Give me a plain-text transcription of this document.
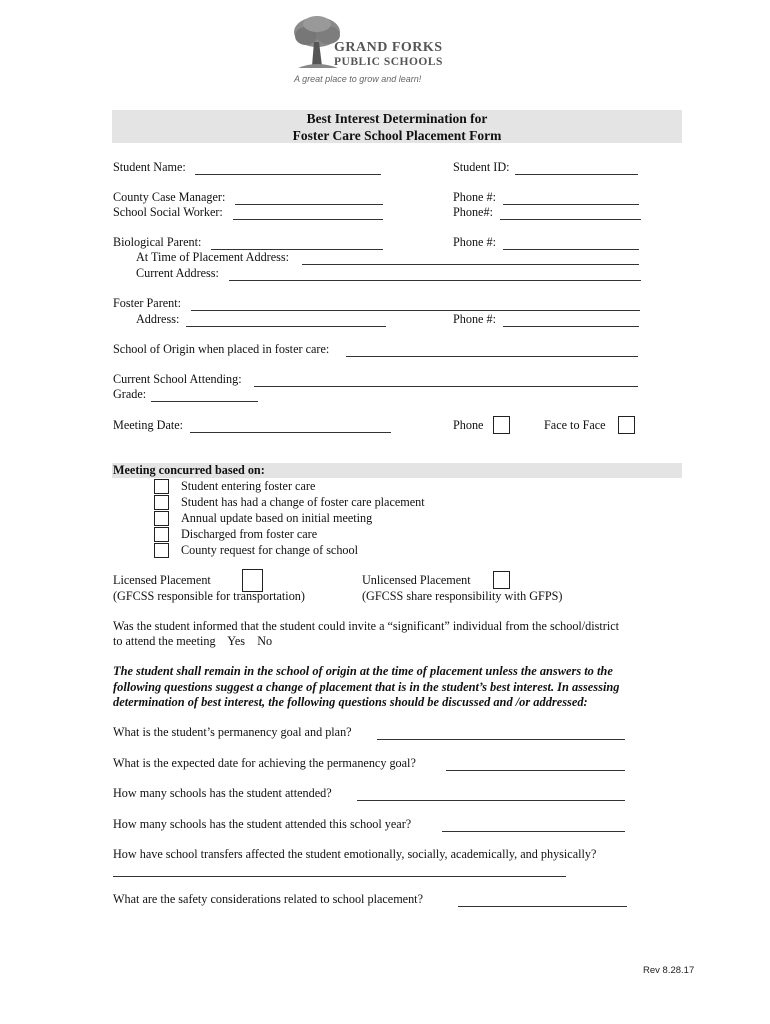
GRAND FORKS
PUBLIC SCHOOLS
A great place to grow and learn!
Best Interest Determination for
Foster Care School Placement Form
Student Name:	Student ID:
County Case Manager:	Phone #:
School Social Worker:	Phone#:
Biological Parent:	Phone #:
At Time of Placement Address:
Current Address:
Foster Parent:
Address:	Phone #:
School of Origin when placed in foster care:
Current School Attending:
Grade:
Meeting Date:	Phone	Face to Face
Meeting concurred based on:
Student entering foster care
Student has had a change of foster care placement
Annual update based on initial meeting
Discharged from foster care
County request for change of school
Licensed Placement
(GFCSS responsible for transportation)
Unlicensed Placement
(GFCSS share responsibility with GFPS)
Was the student informed that the student could invite a “significant” individual from the school/district
to attend the meeting    Yes    No
The student shall remain in the school of origin at the time of placement unless the answers to the
following questions suggest a change of placement that is in the student’s best interest. In assessing
determination of best interest, the following questions should be discussed and /or addressed:
What is the student’s permanency goal and plan?
What is the expected date for achieving the permanency goal?
How many schools has the student attended?
How many schools has the student attended this school year?
How have school transfers affected the student emotionally, socially, academically, and physically?
What are the safety considerations related to school placement?
Rev 8.28.17
